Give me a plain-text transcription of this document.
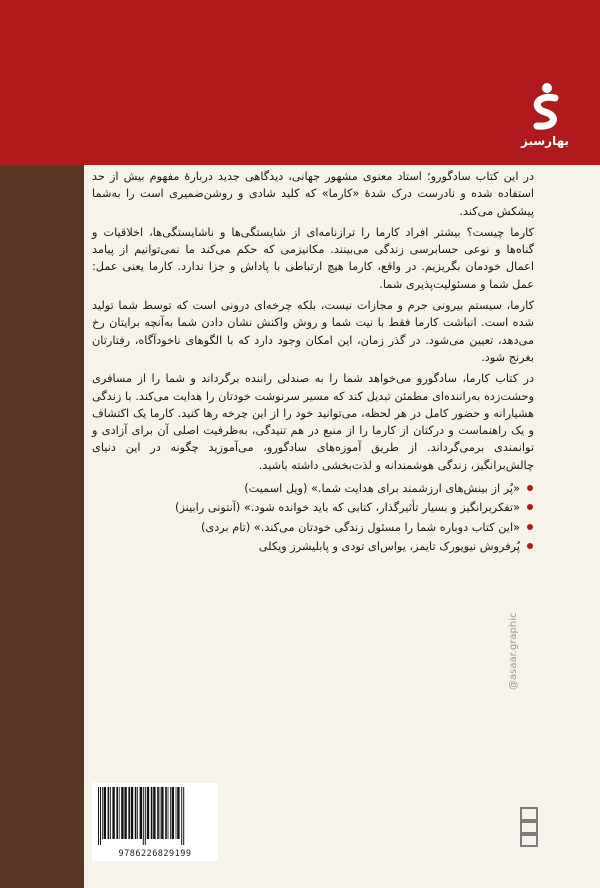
بهارسبز

در این کتاب سادگورو؛ استاد معنوی مشهور جهانی، دیدگاهی جدید دربارهٔ مفهوم بیش از حد استفاده شده و نادرست درک شدهٔ «کارما» که کلید شادی و روشن‌ضمیری است را به‌شما پیشکش می‌کند.

کارما چیست؟ بیشتر افراد کارما را ترازنامه‌ای از شایستگی‌ها و ناشایستگی‌ها، اخلاقیات و گناه‌ها و نوعی حسابرسی زندگی می‌بینند. مکانیزمی که حکم می‌کند ما نمی‌توانیم از پیامد اعمال خودمان بگریزیم. در واقع، کارما هیچ ارتباطی با پاداش و جزا ندارد. کارما یعنی عمل: عمل شما و مسئولیت‌پذیری شما.

کارما، سیستم بیرونی جرم و مجازات نیست، بلکه چرخه‌ای درونی است که توسط شما تولید شده است. انباشت کارما فقط با نیت شما و روش واکنش نشان دادن شما به‌آنچه برایتان رخ می‌دهد، تعیین می‌شود. در گذر زمان، این امکان وجود دارد که با الگوهای ناخودآگاه، رفتارتان بغرنج شود.

در کتاب کارما، سادگورو می‌خواهد شما را به صندلی راننده برگرداند و شما را از مسافری وحشت‌زده به‌راننده‌ای مطمئن تبدیل کند که مسیر سرنوشت خودتان را هدایت می‌کند. با زندگی هشیارانه و حضور کامل در هر لحظه، می‌توانید خود را از این چرخه رها کنید. کارما یک اکتشاف و یک راهنماست و درکتان از کارما را از منبع در هم تنیدگی، به‌ظرفیت اصلی آن برای آزادی و توانمندی برمی‌گرداند. از طریق آموزه‌های سادگورو، می‌آموزید چگونه در این دنیای چالش‌برانگیز، زندگی هوشمندانه و لذت‌بخشی داشته باشید.

«پُر از بینش‌های ارزشمند برای هدایت شما.» (ویل اسمیت)
«تفکربرانگیز و بسیار تأثیرگذار، کتابی که باید خوانده شود.» (آنتونی رابینز)
«این کتاب دوباره شما را مسئول زندگی خودتان می‌کند.» (تام بردی)
پُرفروش نیویورک تایمز، یواس‌ای تودی و پابلیشرز ویکلی
@asaar.graphic
9786226829199
